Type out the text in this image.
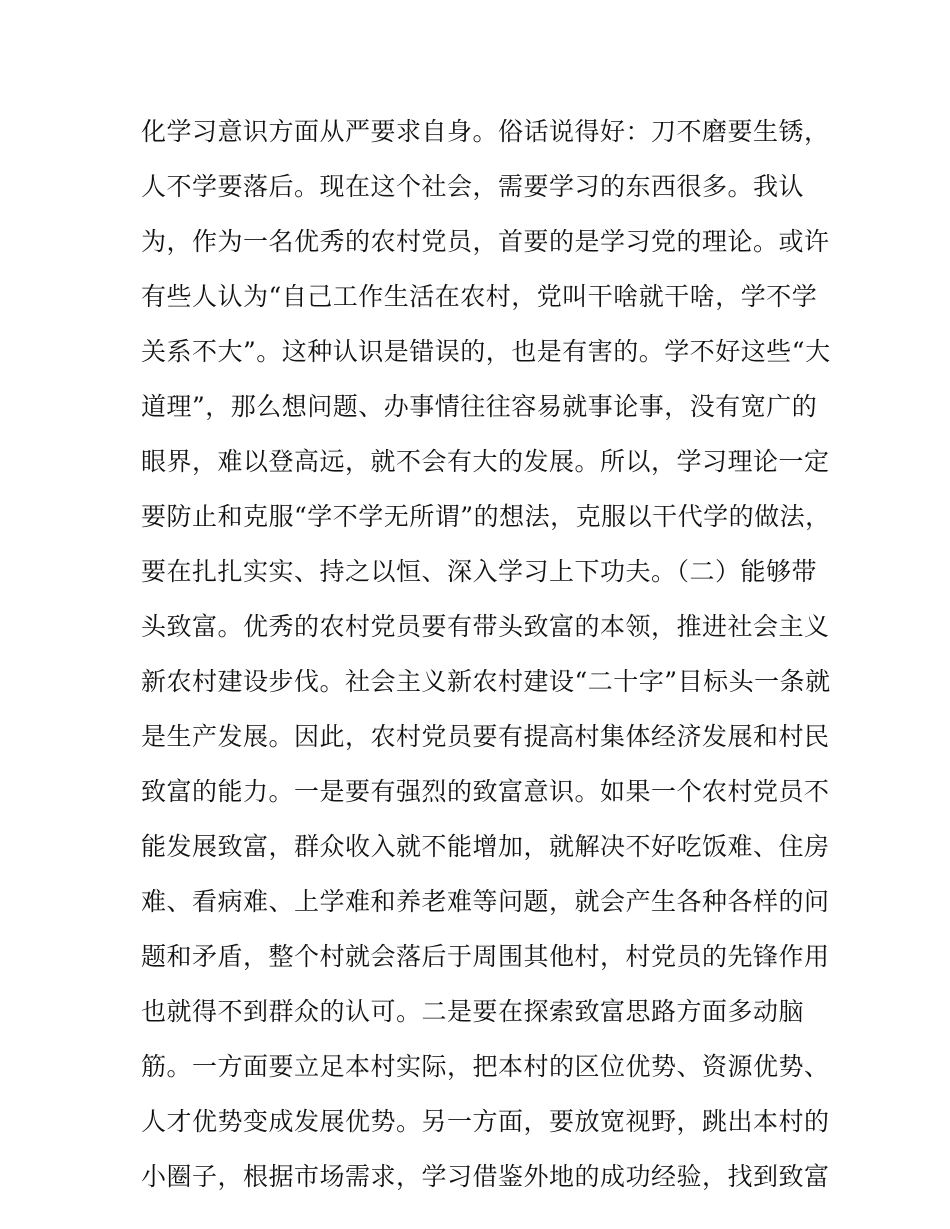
化学习意识方面从严要求自身。俗话说得好：刀不磨要生锈，
人不学要落后。现在这个社会，需要学习的东西很多。我认
为，作为一名优秀的农村党员，首要的是学习党的理论。或许
有些人认为“自己工作生活在农村，党叫干啥就干啥，学不学
关系不大”。这种认识是错误的，也是有害的。学不好这些“大
道理”，那么想问题、办事情往往容易就事论事，没有宽广的
眼界，难以登高远，就不会有大的发展。所以，学习理论一定
要防止和克服“学不学无所谓”的想法，克服以干代学的做法，
要在扎扎实实、持之以恒、深入学习上下功夫。（二）能够带
头致富。优秀的农村党员要有带头致富的本领，推进社会主义
新农村建设步伐。社会主义新农村建设“二十字”目标头一条就
是生产发展。因此，农村党员要有提高村集体经济发展和村民
致富的能力。一是要有强烈的致富意识。如果一个农村党员不
能发展致富，群众收入就不能增加，就解决不好吃饭难、住房
难、看病难、上学难和养老难等问题，就会产生各种各样的问
题和矛盾，整个村就会落后于周围其他村，村党员的先锋作用
也就得不到群众的认可。二是要在探索致富思路方面多动脑
筋。一方面要立足本村实际，把本村的区位优势、资源优势、
人才优势变成发展优势。另一方面，要放宽视野，跳出本村的
小圈子，根据市场需求，学习借鉴外地的成功经验，找到致富
